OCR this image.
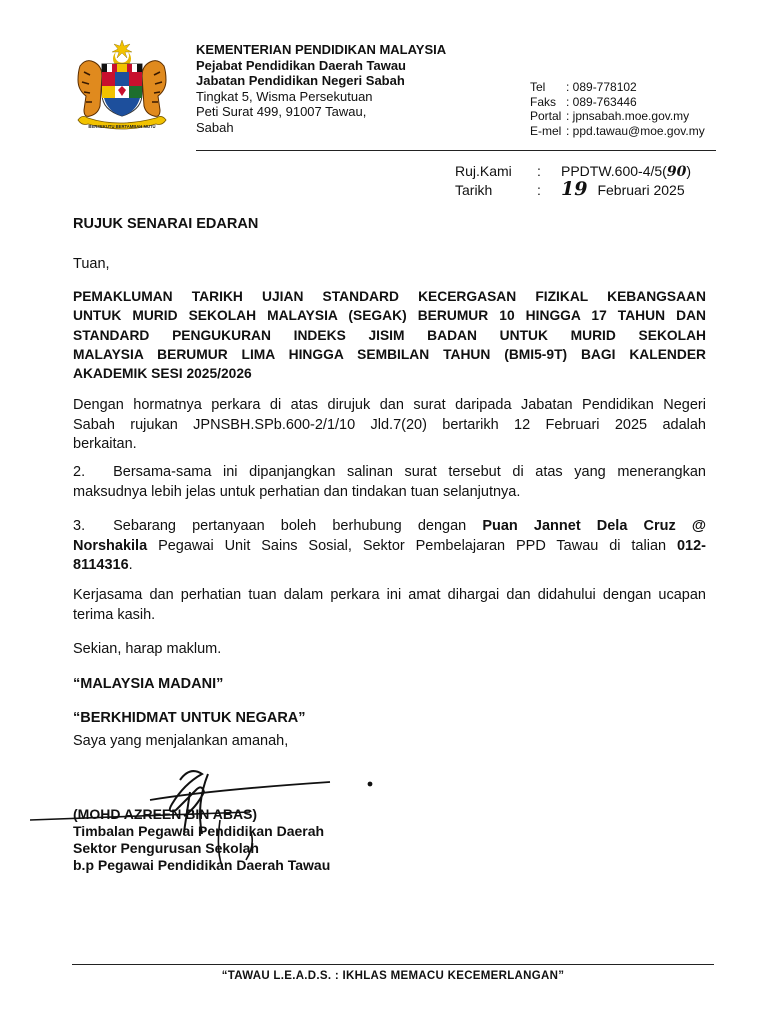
BERSEKUTU BERTAMBAH MUTU
KEMENTERIAN PENDIDIKAN MALAYSIA
Pejabat Pendidikan Daerah Tawau
Jabatan Pendidikan Negeri Sabah
Tingkat 5, Wisma Persekutuan
Peti Surat 499, 91007 Tawau,
Sabah
Tel : 089-778102
Faks : 089-763446
Portal : jpnsabah.moe.gov.my
E-mel : ppd.tawau@moe.gov.my
Ruj.Kami : PPDTW.600-4/5(90)
Tarikh	: 19 Februari 2025
RUJUK SENARAI EDARAN
Tuan,
PEMAKLUMAN TARIKH UJIAN STANDARD KECERGASAN FIZIKAL KEBANGSAAN
UNTUK MURID SEKOLAH MALAYSIA (SEGAK) BERUMUR 10 HINGGA 17 TAHUN DAN
STANDARD PENGUKURAN INDEKS JISIM BADAN UNTUK MURID SEKOLAH
MALAYSIA BERUMUR LIMA HINGGA SEMBILAN TAHUN (BMI5-9T) BAGI KALENDER
AKADEMIK SESI 2025/2026
Dengan hormatnya perkara di atas dirujuk dan surat daripada Jabatan Pendidikan Negeri
Sabah rujukan JPNSBH.SPb.600-2/1/10 Jld.7(20) bertarikh 12 Februari 2025 adalah
berkaitan.
2. Bersama-sama ini dipanjangkan salinan surat tersebut di atas yang menerangkan
maksudnya lebih jelas untuk perhatian dan tindakan tuan selanjutnya.
3. Sebarang pertanyaan boleh berhubung dengan Puan Jannet Dela Cruz @
Norshakila Pegawai Unit Sains Sosial, Sektor Pembelajaran PPD Tawau di talian 012-
8114316.
Kerjasama dan perhatian tuan dalam perkara ini amat dihargai dan didahului dengan ucapan
terima kasih.
Sekian, harap maklum.
“MALAYSIA MADANI”
“BERKHIDMAT UNTUK NEGARA”
Saya yang menjalankan amanah,
(MOHD AZREEN BIN ABAS)
Timbalan Pegawai Pendidikan Daerah
Sektor Pengurusan Sekolah
b.p Pegawai Pendidikan Daerah Tawau
“TAWAU L.E.A.D.S. : IKHLAS MEMACU KECEMERLANGAN”
